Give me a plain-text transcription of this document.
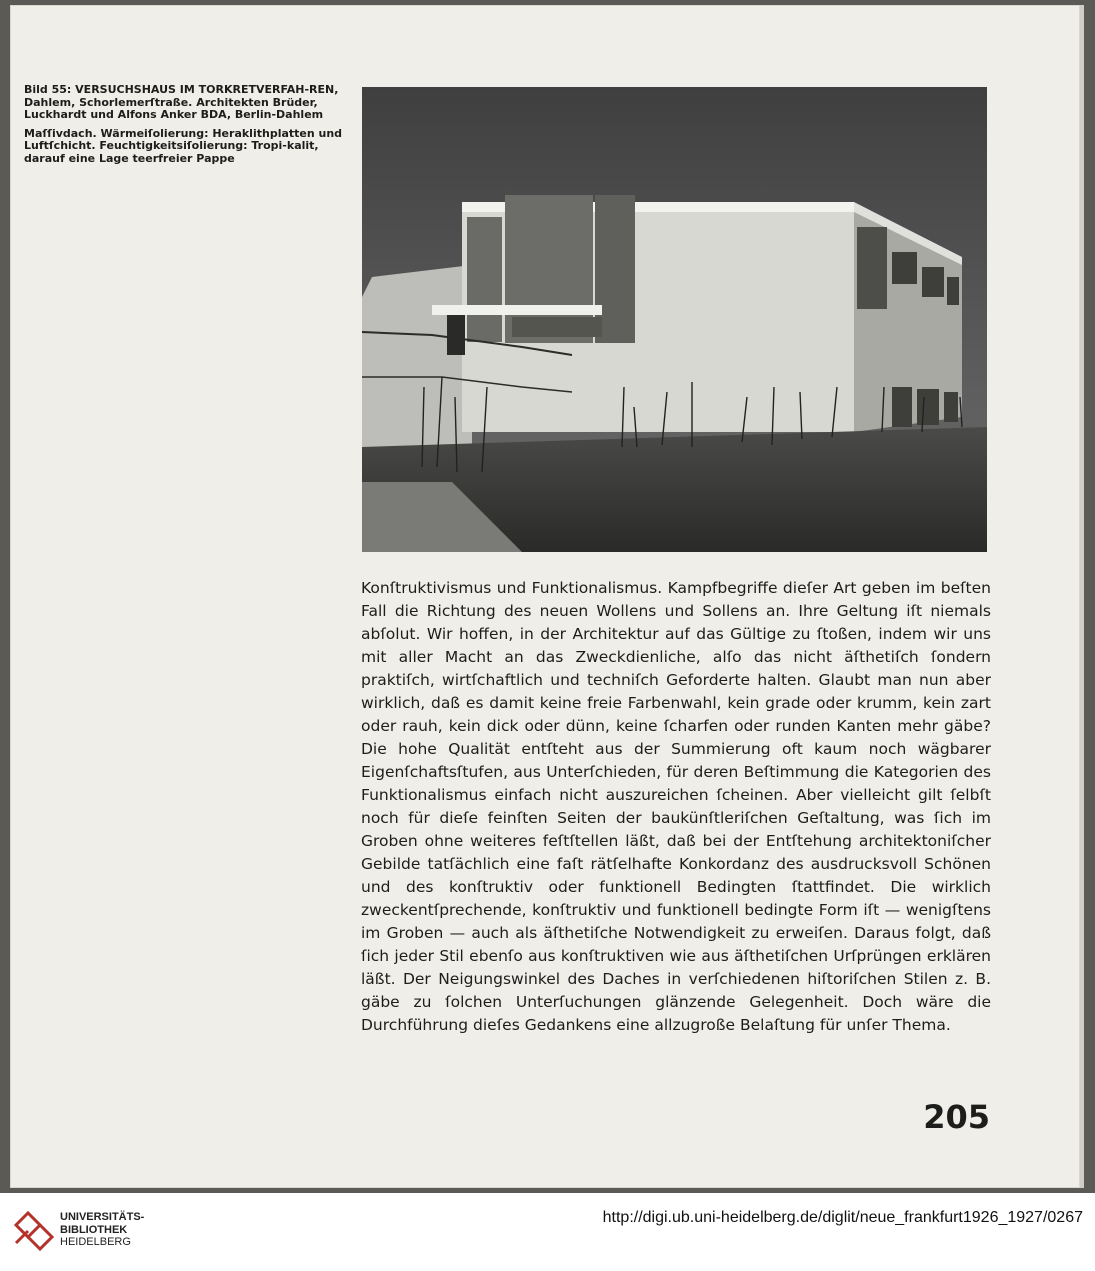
Bild 55: VERSUCHSHAUS IM TORKRETVERFAH-REN, Dahlem, Schorlemerſtraße. Architekten Brüder, Luckhardt und Alfons Anker BDA, Berlin-Dahlem

Maſſivdach. Wärmeiſolierung: Heraklithplatten und Luftſchicht. Feuchtigkeitsiſolierung: Tropi-kalit, darauf eine Lage teerfreier Pappe

Konſtruktivismus und Funktionalismus. Kampfbegriffe dieſer Art geben im beſten Fall die Richtung des neuen Wollens und Sollens an. Ihre Geltung iſt niemals abſolut. Wir hoffen, in der Architektur auf das Gültige zu ſtoßen, indem wir uns mit aller Macht an das Zweckdienliche, alſo das nicht äſthetiſch ſondern praktiſch, wirtſchaftlich und techniſch Geforderte halten. Glaubt man nun aber wirklich, daß es damit keine freie Farbenwahl, kein grade oder krumm, kein zart oder rauh, kein dick oder dünn, keine ſcharfen oder runden Kanten mehr gäbe? Die hohe Qualität entſteht aus der Summierung oft kaum noch wägbarer Eigenſchaftsſtufen, aus Unterſchieden, für deren Beſtimmung die Kategorien des Funktionalismus einfach nicht auszureichen ſcheinen. Aber vielleicht gilt ſelbſt noch für dieſe feinſten Seiten der baukünſtleriſchen Geſtaltung, was ſich im Groben ohne weiteres feſtſtellen läßt, daß bei der Entſtehung architektoniſcher Gebilde tatſächlich eine faſt rätſelhafte Konkordanz des ausdrucksvoll Schönen und des konſtruktiv oder funktionell Bedingten ſtattfindet. Die wirklich zweckentſprechende, konſtruktiv und funktionell bedingte Form iſt — wenigſtens im Groben — auch als äſthetiſche Notwendigkeit zu erweiſen. Daraus folgt, daß ſich jeder Stil ebenſo aus konſtruktiven wie aus äſthetiſchen Urſprüngen erklären läßt. Der Neigungswinkel des Daches in verſchiedenen hiſtoriſchen Stilen z. B. gäbe zu ſolchen Unterſuchungen glänzende Gelegenheit. Doch wäre die Durchführung dieſes Gedankens eine allzugroße Belaſtung für unſer Thema.
205
UNIVERSITÄTS-
BIBLIOTHEK
HEIDELBERG
http://digi.ub.uni-heidelberg.de/diglit/neue_frankfurt1926_1927/0267
